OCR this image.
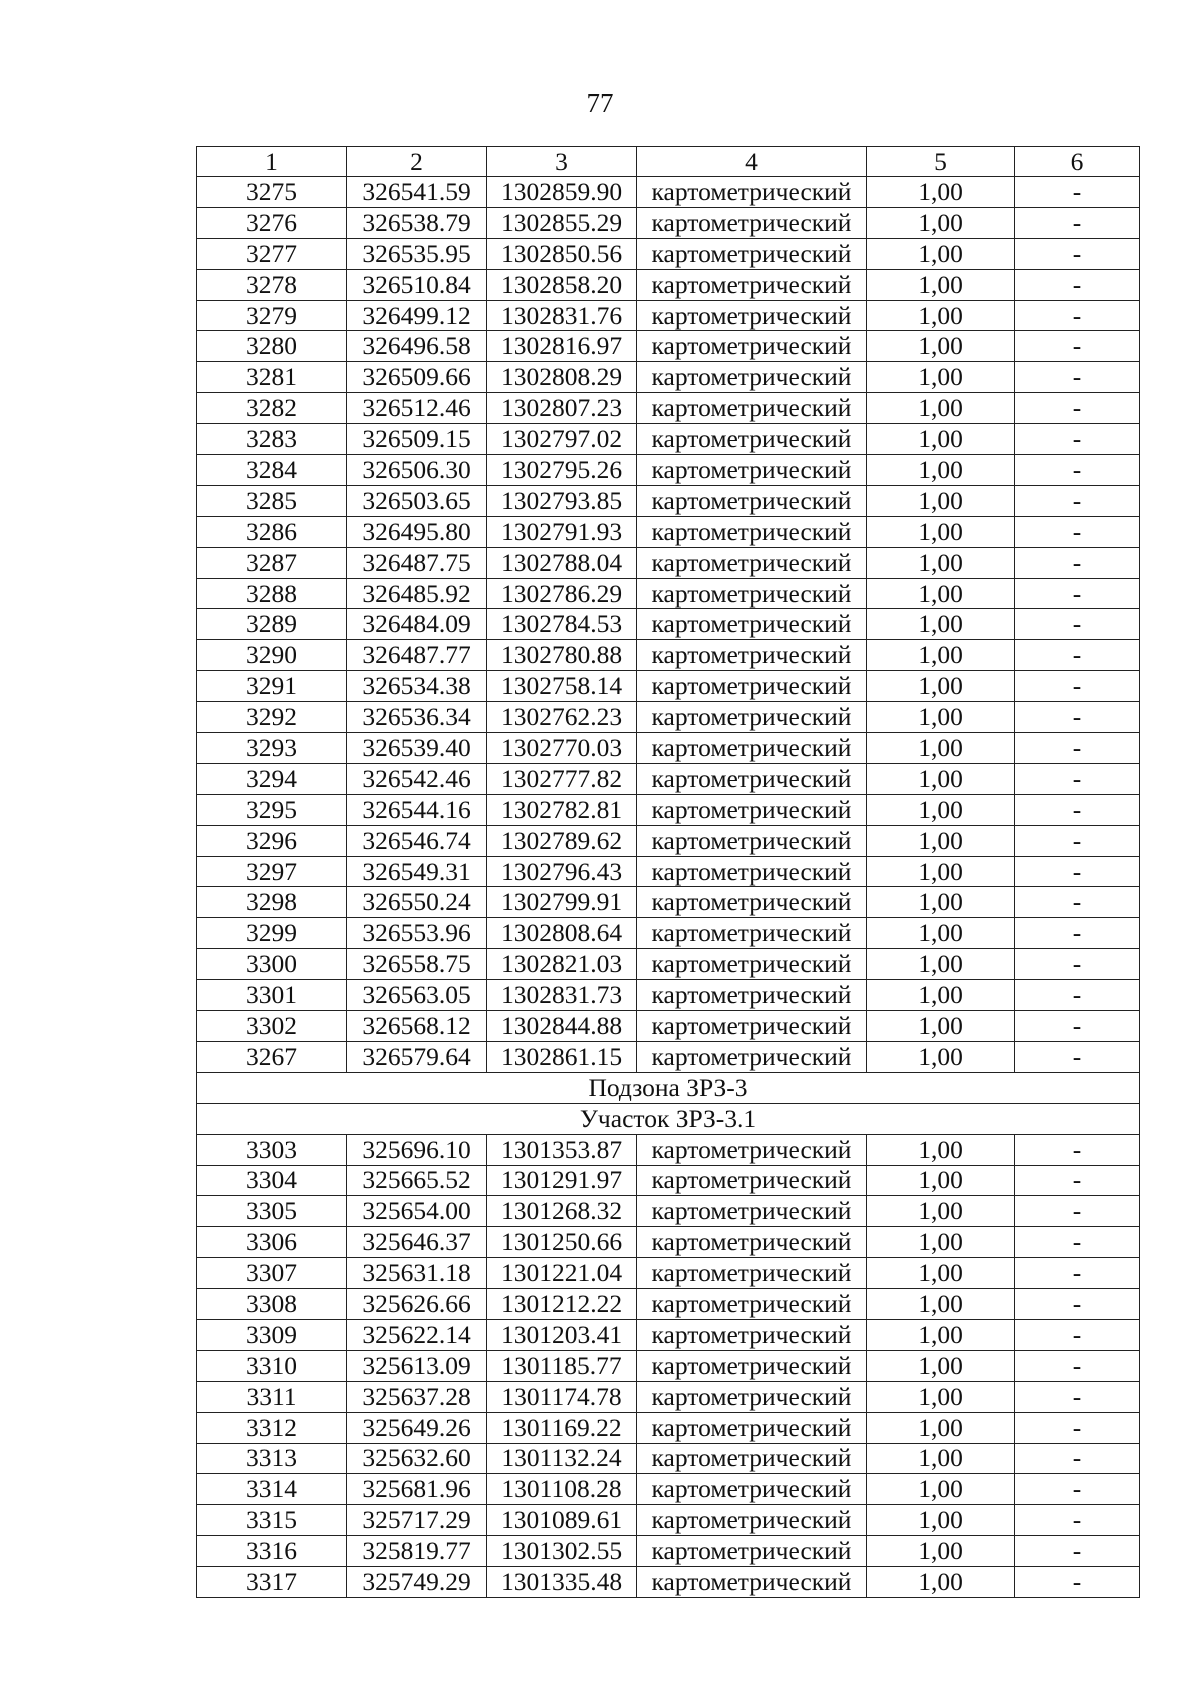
77
1	2	3	4	5	6
3275	326541.59	1302859.90	картометрический	1,00	-
3276	326538.79	1302855.29	картометрический	1,00	-
3277	326535.95	1302850.56	картометрический	1,00	-
3278	326510.84	1302858.20	картометрический	1,00	-
3279	326499.12	1302831.76	картометрический	1,00	-
3280	326496.58	1302816.97	картометрический	1,00	-
3281	326509.66	1302808.29	картометрический	1,00	-
3282	326512.46	1302807.23	картометрический	1,00	-
3283	326509.15	1302797.02	картометрический	1,00	-
3284	326506.30	1302795.26	картометрический	1,00	-
3285	326503.65	1302793.85	картометрический	1,00	-
3286	326495.80	1302791.93	картометрический	1,00	-
3287	326487.75	1302788.04	картометрический	1,00	-
3288	326485.92	1302786.29	картометрический	1,00	-
3289	326484.09	1302784.53	картометрический	1,00	-
3290	326487.77	1302780.88	картометрический	1,00	-
3291	326534.38	1302758.14	картометрический	1,00	-
3292	326536.34	1302762.23	картометрический	1,00	-
3293	326539.40	1302770.03	картометрический	1,00	-
3294	326542.46	1302777.82	картометрический	1,00	-
3295	326544.16	1302782.81	картометрический	1,00	-
3296	326546.74	1302789.62	картометрический	1,00	-
3297	326549.31	1302796.43	картометрический	1,00	-
3298	326550.24	1302799.91	картометрический	1,00	-
3299	326553.96	1302808.64	картометрический	1,00	-
3300	326558.75	1302821.03	картометрический	1,00	-
3301	326563.05	1302831.73	картометрический	1,00	-
3302	326568.12	1302844.88	картометрический	1,00	-
3267	326579.64	1302861.15	картометрический	1,00	-
Подзона ЗРЗ-3					
Участок ЗРЗ-3.1					
3303	325696.10	1301353.87	картометрический	1,00	-
3304	325665.52	1301291.97	картометрический	1,00	-
3305	325654.00	1301268.32	картометрический	1,00	-
3306	325646.37	1301250.66	картометрический	1,00	-
3307	325631.18	1301221.04	картометрический	1,00	-
3308	325626.66	1301212.22	картометрический	1,00	-
3309	325622.14	1301203.41	картометрический	1,00	-
3310	325613.09	1301185.77	картометрический	1,00	-
3311	325637.28	1301174.78	картометрический	1,00	-
3312	325649.26	1301169.22	картометрический	1,00	-
3313	325632.60	1301132.24	картометрический	1,00	-
3314	325681.96	1301108.28	картометрический	1,00	-
3315	325717.29	1301089.61	картометрический	1,00	-
3316	325819.77	1301302.55	картометрический	1,00	-
3317	325749.29	1301335.48	картометрический	1,00	-
